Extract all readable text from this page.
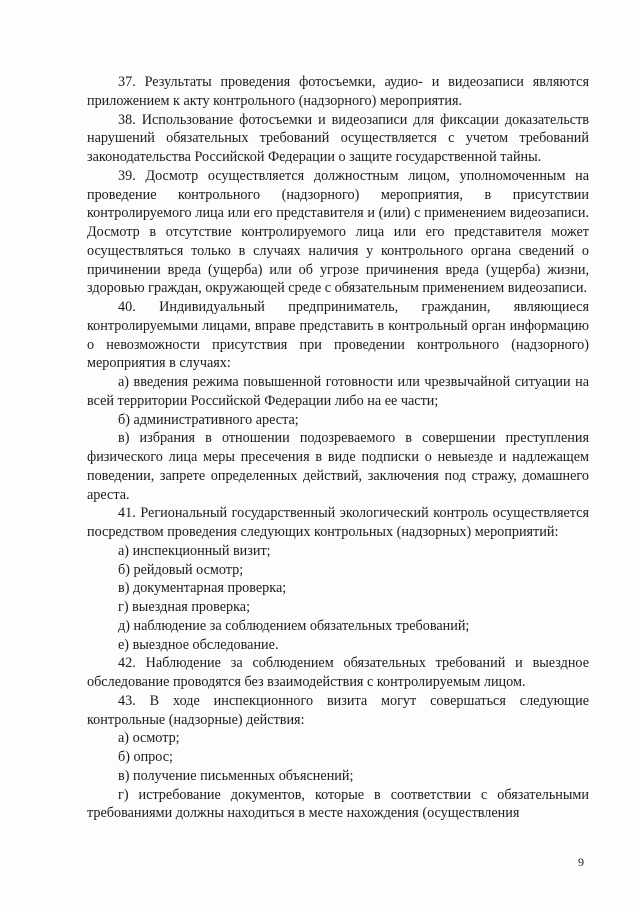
37. Результаты проведения фотосъемки, аудио- и видеозаписи являются приложением к акту контрольного (надзорного) мероприятия.

38. Использование фотосъемки и видеозаписи для фиксации доказательств нарушений обязательных требований осуществляется с учетом требований законодательства Российской Федерации о защите государственной тайны.

39. Досмотр осуществляется должностным лицом, уполномоченным на проведение контрольного (надзорного) мероприятия, в присутствии контролируемого лица или его представителя и (или) с применением видеозаписи. Досмотр в отсутствие контролируемого лица или его представителя может осуществляться только в случаях наличия у контрольного органа сведений о причинении вреда (ущерба) или об угрозе причинения вреда (ущерба) жизни, здоровью граждан, окружающей среде с обязательным применением видеозаписи.

40. Индивидуальный предприниматель, гражданин, являющиеся контролируемыми лицами, вправе представить в контрольный орган информацию о невозможности присутствия при проведении контрольного (надзорного) мероприятия в случаях:

а) введения режима повышенной готовности или чрезвычайной ситуации на всей территории Российской Федерации либо на ее части;

б) административного ареста;

в) избрания в отношении подозреваемого в совершении преступления физического лица меры пресечения в виде подписки о невыезде и надлежащем поведении, запрете определенных действий, заключения под стражу, домашнего ареста.

41. Региональный государственный экологический контроль осуществляется посредством проведения следующих контрольных (надзорных) мероприятий:

а) инспекционный визит;

б) рейдовый осмотр;

в) документарная проверка;

г) выездная проверка;

д) наблюдение за соблюдением обязательных требований;

е) выездное обследование.

42. Наблюдение за соблюдением обязательных требований и выездное обследование проводятся без взаимодействия с контролируемым лицом.

43. В ходе инспекционного визита могут совершаться следующие контрольные (надзорные) действия:

а) осмотр;

б) опрос;

в) получение письменных объяснений;

г) истребование документов, которые в соответствии с обязательными требованиями должны находиться в месте нахождения (осуществления

9
